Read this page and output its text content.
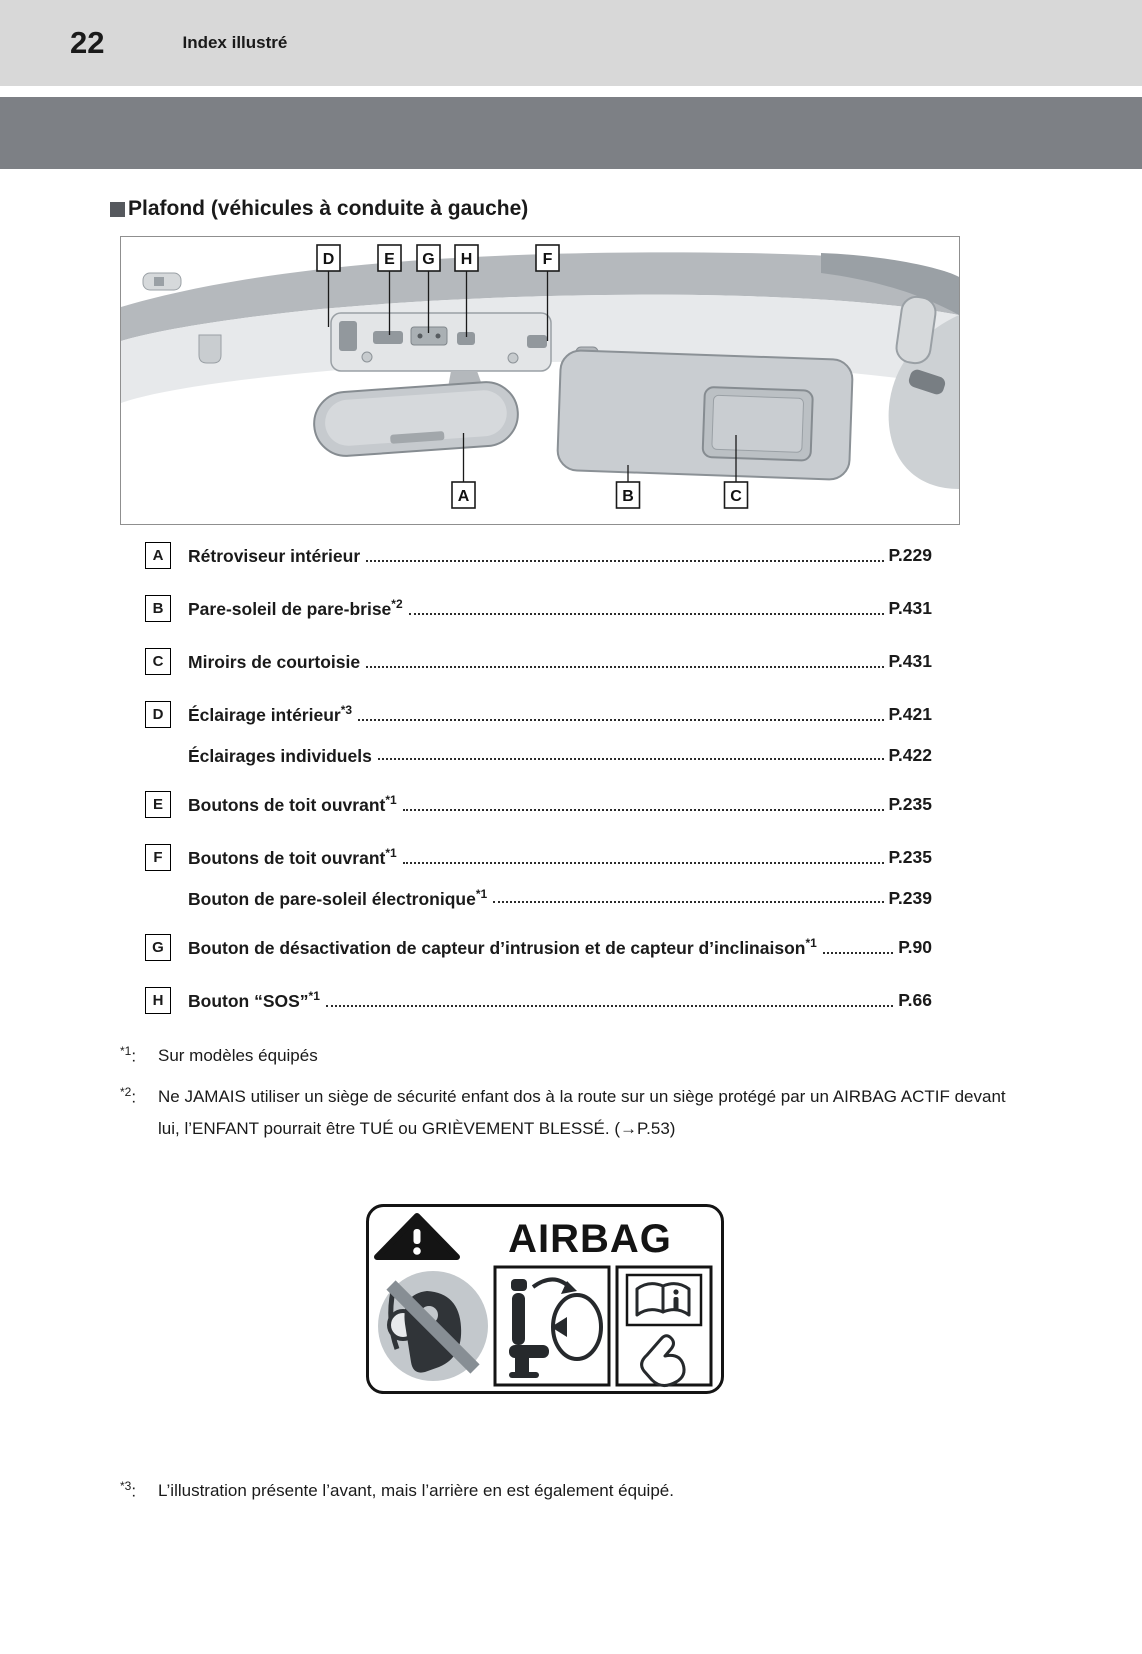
22	Index illustré
Plafond (véhicules à conduite à gauche)
D	E G H	F
A	B	C
A	Rétroviseur intérieur	P.229
B	Pare-soleil de pare-brise$^{*2}$	P.431
C	Miroirs de courtoisie	P.431
D	Éclairage intérieur$^{*3}$	P.421
Éclairages individuels	P.422
E	Boutons de toit ouvrant$^{*1}$	P.235
F	Boutons de toit ouvrant$^{*1}$	P.235
Bouton de pare-soleil électronique$^{*1}$	P.239
G	Bouton de désactivation de capteur d’intrusion et de capteur d’inclinaison$^{*1}$	P.90
H	Bouton “SOS”$^{*1}$	P.66
$^{*1}$:	Sur modèles équipés
$^{*2}$:	Ne JAMAIS utiliser un siège de sécurité enfant dos à la route sur un siège protégé par un AIRBAG ACTIF devant lui, l’ENFANT pourrait être TUÉ ou GRIÈVEMENT BLESSÉ. (→P.53)
AIRBAG
$^{*3}$:	L’illustration présente l’avant, mais l’arrière en est également équipé.
